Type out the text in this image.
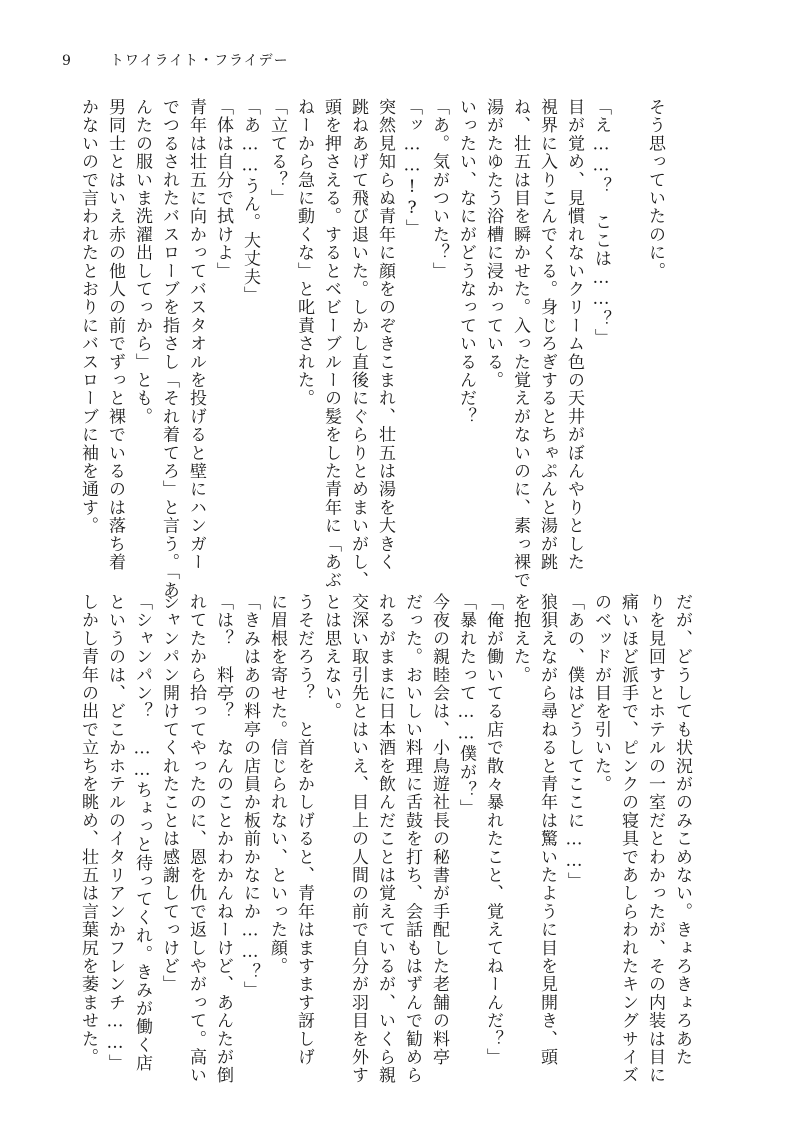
9	トワイライト・フライデー
そう思っていたのに。
「え……？　ここは……？」
目が覚め、見慣れないクリーム色の天井がぼんやりとした
視界に入りこんでくる。身じろぎするとちゃぷんと湯が跳
ね、壮五は目を瞬かせた。入った覚えがないのに、素っ裸で
湯がたゆたう浴槽に浸かっている。
いったい、なにがどうなっているんだ？
「あ。気がついた？」
「ッ……!?」
突然見知らぬ青年に顔をのぞきこまれ、壮五は湯を大きく
跳ねあげて飛び退いた。しかし直後にぐらりとめまいがし、
頭を押さえる。するとベビーブルーの髪をした青年に「あぶ
ねーから急に動くな」と叱責された。
「立てる？」
「あ……うん。大丈夫」
「体は自分で拭けよ」
青年は壮五に向かってバスタオルを投げると壁にハンガー
でつるされたバスローブを指さし「それ着てろ」と言う。「あ
んたの服いま洗濯出してっから」とも。
男同士とはいえ赤の他人の前でずっと裸でいるのは落ち着
かないので言われたとおりにバスローブに袖を通す。
だが、どうしても状況がのみこめない。きょろきょろあた
りを見回すとホテルの一室だとわかったが、その内装は目に
痛いほど派手で、ピンクの寝具であしらわれたキングサイズ
のベッドが目を引いた。
「あの、僕はどうしてここに……」
狼狽えながら尋ねると青年は驚いたように目を見開き、頭
を抱えた。
「俺が働いてる店で散々暴れたこと、覚えてねーんだ？」
「暴れたって……僕が？」
今夜の親睦会は、小鳥遊社長の秘書が手配した老舗の料亭
だった。おいしい料理に舌鼓を打ち、会話もはずんで勧めら
れるがままに日本酒を飲んだことは覚えているが、いくら親
交深い取引先とはいえ、目上の人間の前で自分が羽目を外す
とは思えない。
うそだろう？　と首をかしげると、青年はますます訝しげ
に眉根を寄せた。信じられない、といった顔。
「きみはあの料亭の店員か板前かなにか……？」
「は？　料亭？　なんのことかわかんねーけど、あんたが倒
れてたから拾ってやったのに、恩を仇で返しやがって。高い
シャンパン開けてくれたことは感謝してっけど」
「シャンパン？　……ちょっと待ってくれ。きみが働く店
というのは、どこかホテルのイタリアンかフレンチ……」
しかし青年の出で立ちを眺め、壮五は言葉尻を萎ませた。
